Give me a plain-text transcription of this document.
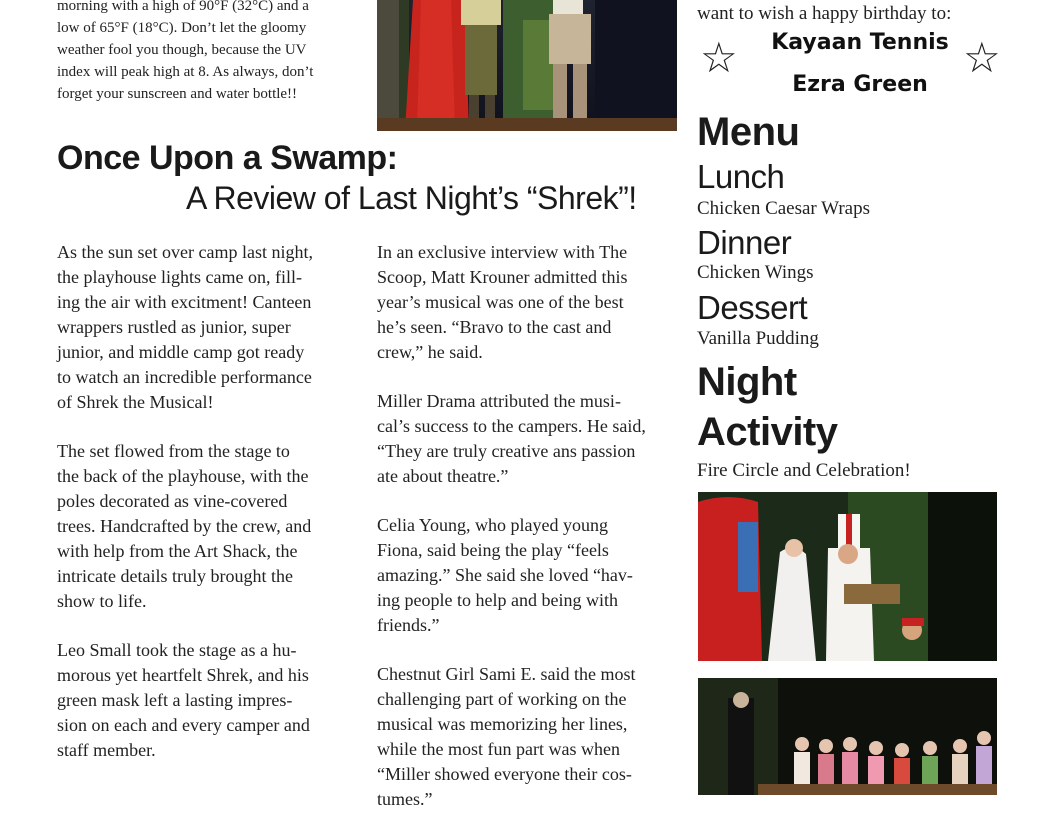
morning with a high of 90°F (32°C) and a

low of 65°F (18°C). Don’t let the gloomy

weather fool you though, because the UV

index will peak high at 8. As always, don’t

forget your sunscreen and water bottle!!

Once Upon a Swamp:
A Review of Last Night’s “Shrek”!

As the sun set over camp last night,
the playhouse lights came on, fill-
ing the air with excitment! Canteen
wrappers rustled as junior, super
junior, and middle camp got ready
to watch an incredible performance
of Shrek the Musical!

The set flowed from the stage to
the back of the playhouse, with the
poles decorated as vine-covered
trees. Handcrafted by the crew, and
with help from the Art Shack, the
intricate details truly brought the
show to life.

Leo Small took the stage as a hu-
morous yet heartfelt Shrek, and his
green mask left a lasting impres-
sion on each and every camper and
staff member.

In an exclusive interview with The
Scoop, Matt Krouner admitted this
year’s musical was one of the best
he’s seen. “Bravo to the cast and
crew,” he said.

Miller Drama attributed the musi-
cal’s success to the campers. He said,
“They are truly creative ans passion
ate about theatre.”

Celia Young, who played young
Fiona, said being the play “feels
amazing.” She said she loved “hav-
ing people to help and being with
friends.”

Chestnut Girl Sami E. said the most
challenging part of working on the
musical was memorizing her lines,
while the most fun part was when
“Miller showed everyone their cos-
tumes.”

want to wish a happy birthday to:
☆	☆
Kayaan Tennis
Ezra Green
Menu
Lunch
Chicken Caesar Wraps
Dinner
Chicken Wings
Dessert
Vanilla Pudding
Night
Activity
Fire Circle and Celebration!
